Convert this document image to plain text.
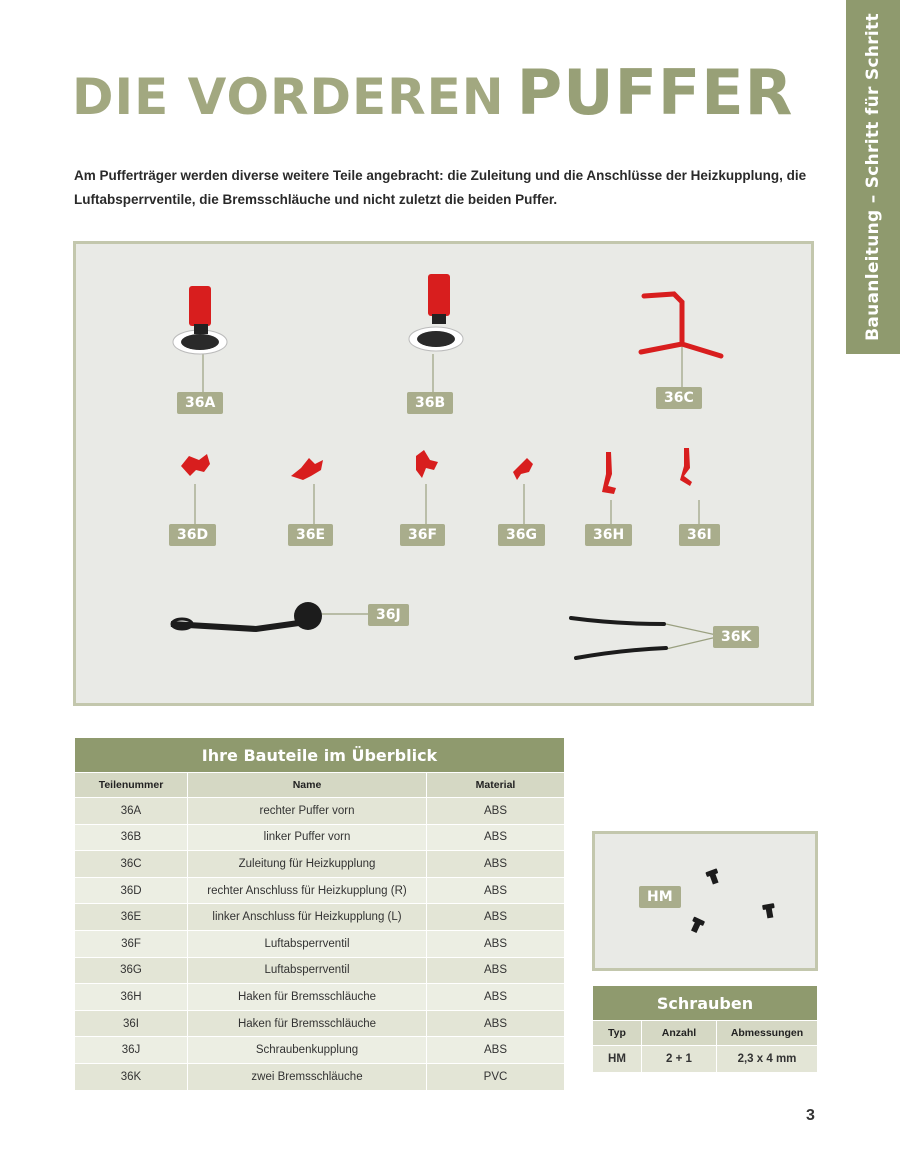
Bauanleitung – Schritt für Schritt
DIE VORDEREN PUFFER

Am Pufferträger werden diverse weitere Teile angebracht: die Zuleitung und die Anschlüsse der Heizkupplung, die Luftabsperrventile, die Bremsschläuche und nicht zuletzt die beiden Puffer.

36A	36B	36C
36D	36E	36F	36G	36H	36I
36J
36K
Ihre Bauteile im Überblick		
Teilenummer	Name	Material
36A	rechter Puffer vorn	ABS
36B	linker Puffer vorn	ABS
36C	Zuleitung für Heizkupplung	ABS
36D	rechter Anschluss für Heizkupplung (R)	ABS
36E	linker Anschluss für Heizkupplung (L)	ABS
36F	Luftabsperrventil	ABS
36G	Luftabsperrventil	ABS
36H	Haken für Bremsschläuche	ABS
36I	Haken für Bremsschläuche	ABS
36J	Schraubenkupplung	ABS
36K	zwei Bremsschläuche	PVC
HM
Schrauben		
Typ	Anzahl	Abmessungen
HM	2 + 1	2,3 x 4 mm
3
